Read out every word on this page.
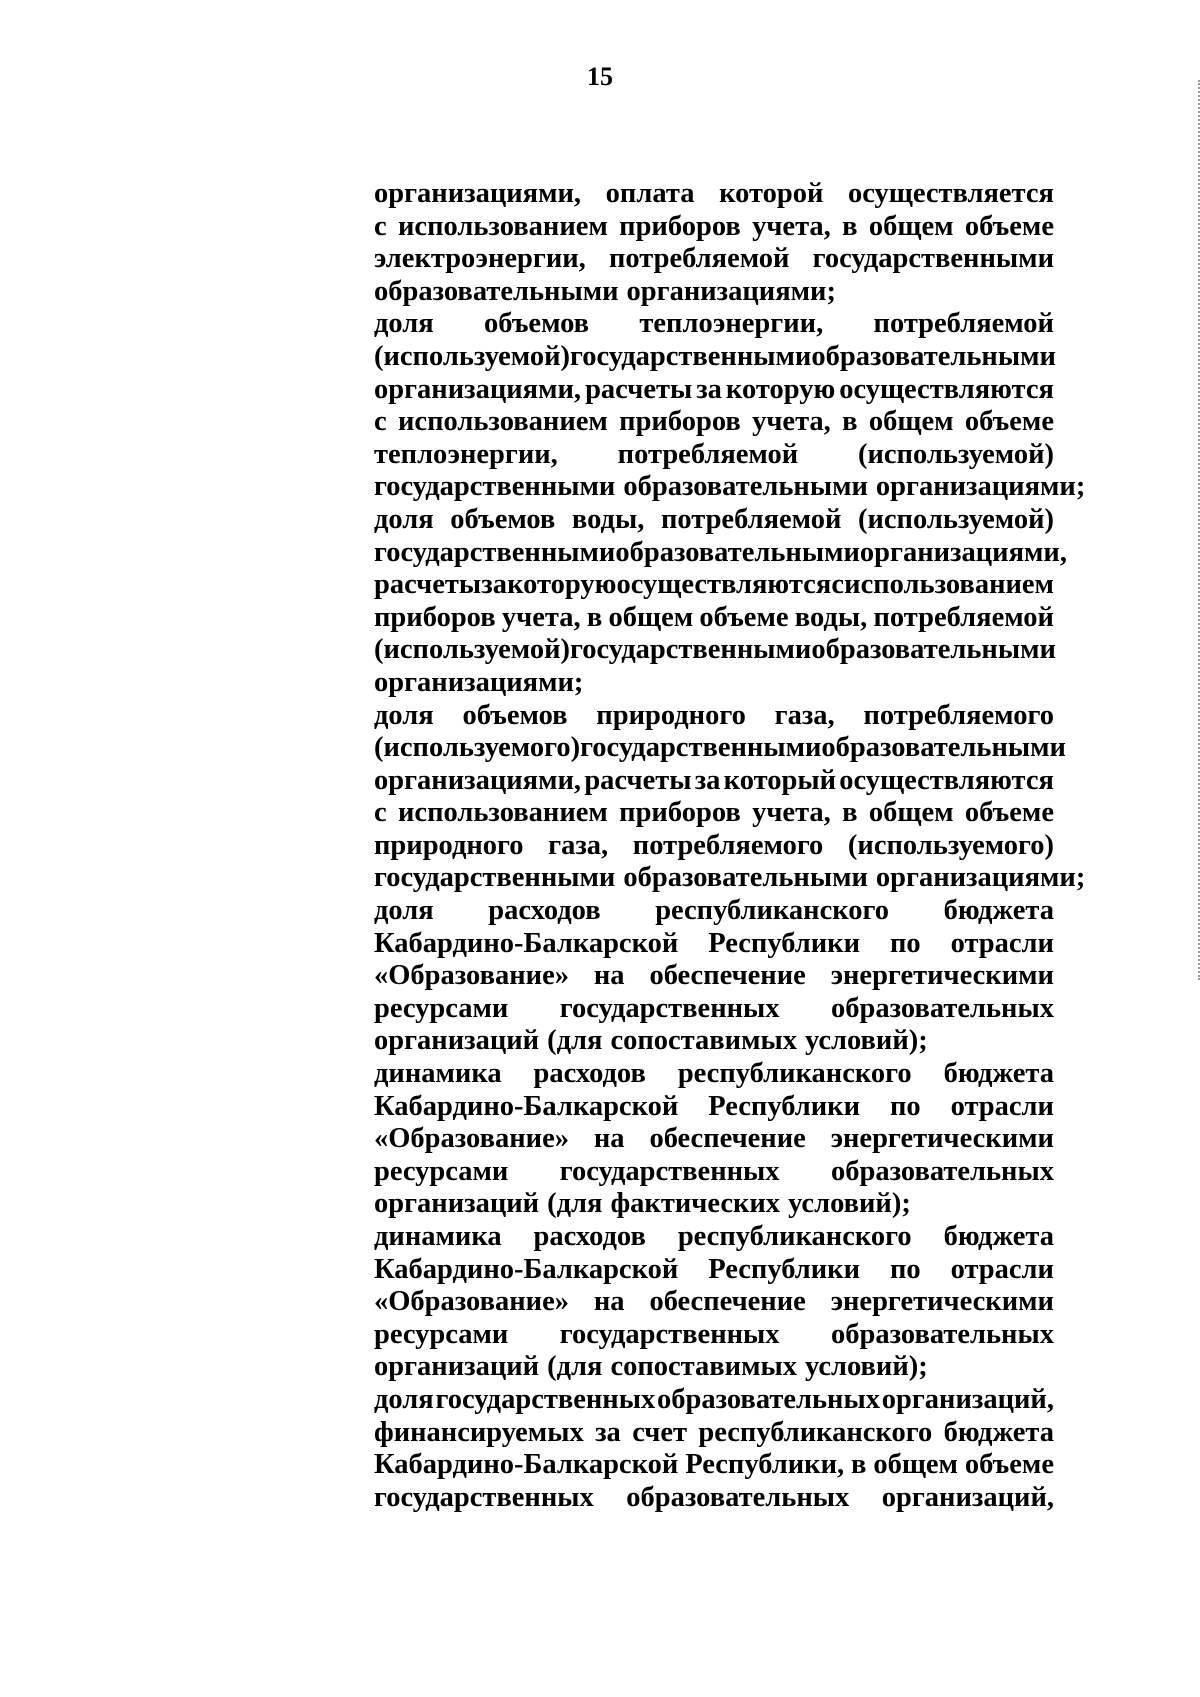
15
организациями, оплата которой осуществляется
с использованием приборов учета, в общем объеме
электроэнергии, потребляемой государственными
образовательными организациями;
доля объемов теплоэнергии, потребляемой
(используемой) государственными образовательными
организациями, расчеты за которую осуществляются
с использованием приборов учета, в общем объеме
теплоэнергии, потребляемой (используемой)
государственными образовательными организациями;
доля объемов воды, потребляемой (используемой)
государственными образовательными организациями,
расчеты за которую осуществляются с использованием
приборов учета, в общем объеме воды, потребляемой
(используемой) государственными образовательными
организациями;
доля объемов природного газа, потребляемого
(используемого) государственными образовательными
организациями, расчеты за который осуществляются
с использованием приборов учета, в общем объеме
природного газа, потребляемого (используемого)
государственными образовательными организациями;
доля расходов республиканского бюджета
Кабардино-Балкарской Республики по отрасли
«Образование» на обеспечение энергетическими
ресурсами государственных образовательных
организаций (для сопоставимых условий);
динамика расходов республиканского бюджета
Кабардино-Балкарской Республики по отрасли
«Образование» на обеспечение энергетическими
ресурсами государственных образовательных
организаций (для фактических условий);
динамика расходов республиканского бюджета
Кабардино-Балкарской Республики по отрасли
«Образование» на обеспечение энергетическими
ресурсами государственных образовательных
организаций (для сопоставимых условий);
доля государственных образовательных организаций,
финансируемых за счет республиканского бюджета
Кабардино-Балкарской Республики, в общем объеме
государственных образовательных организаций,
